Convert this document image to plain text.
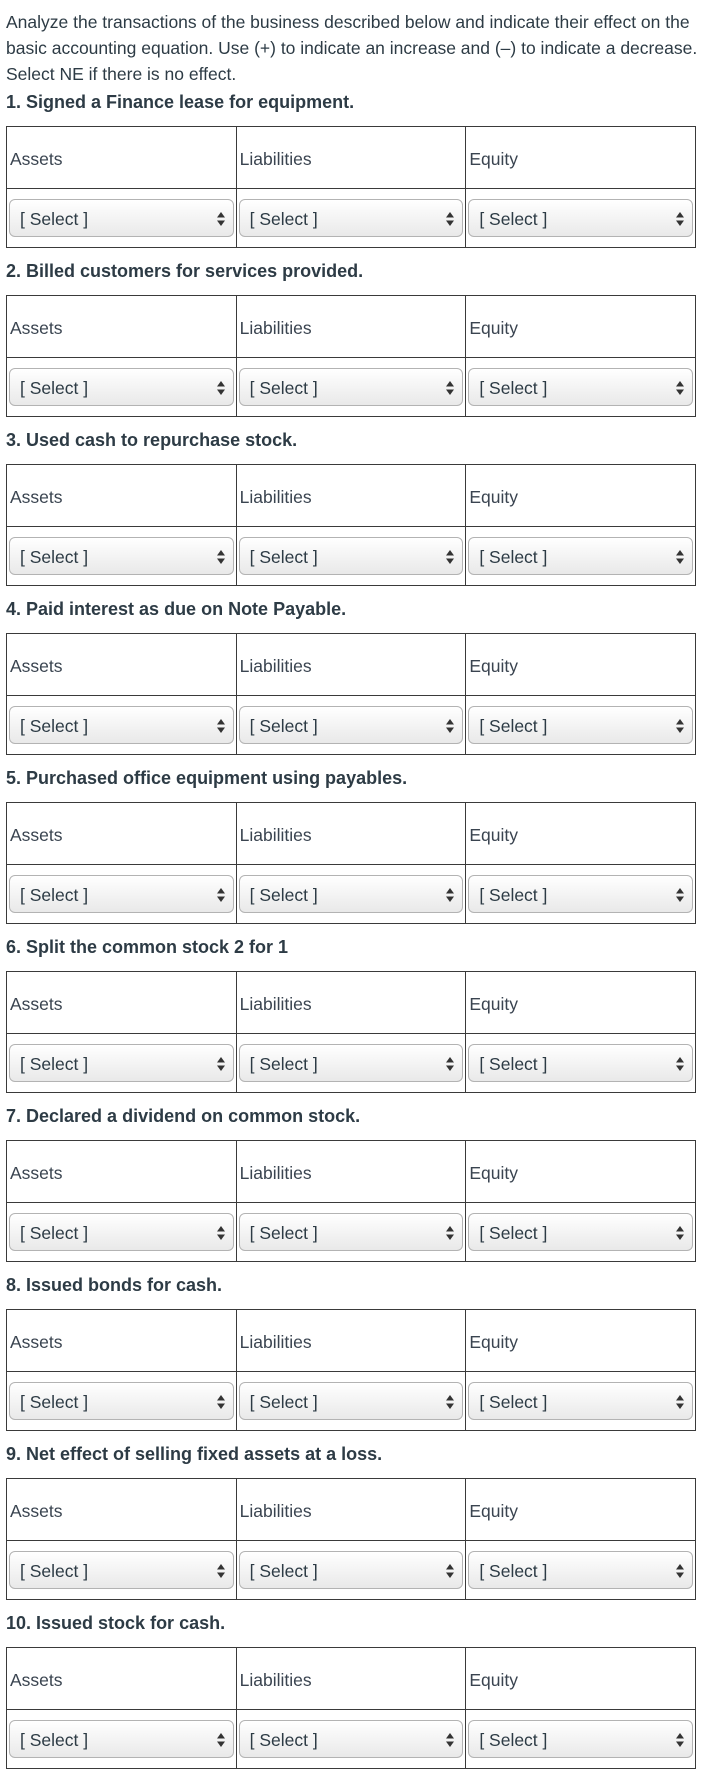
Analyze the transactions of the business described below and indicate their effect on the basic accounting equation. Use (+) to indicate an increase and (–) to indicate a decrease. Select NE if there is no effect.

1. Signed a Finance lease for equipment.

Assets	Liabilities	Equity

[ Select ]	[ Select ]	[ Select ]

2. Billed customers for services provided.

Assets	Liabilities	Equity

[ Select ]	[ Select ]	[ Select ]

3. Used cash to repurchase stock.

Assets	Liabilities	Equity

[ Select ]	[ Select ]	[ Select ]

4. Paid interest as due on Note Payable.

Assets	Liabilities	Equity

[ Select ]	[ Select ]	[ Select ]

5. Purchased office equipment using payables.

Assets	Liabilities	Equity

[ Select ]	[ Select ]	[ Select ]

6. Split the common stock 2 for 1

Assets	Liabilities	Equity

[ Select ]	[ Select ]	[ Select ]

7. Declared a dividend on common stock.

Assets	Liabilities	Equity

[ Select ]	[ Select ]	[ Select ]

8. Issued bonds for cash.

Assets	Liabilities	Equity

[ Select ]	[ Select ]	[ Select ]

9. Net effect of selling fixed assets at a loss.

Assets	Liabilities	Equity

[ Select ]	[ Select ]	[ Select ]

10. Issued stock for cash.

Assets	Liabilities	Equity

[ Select ]	[ Select ]	[ Select ]
